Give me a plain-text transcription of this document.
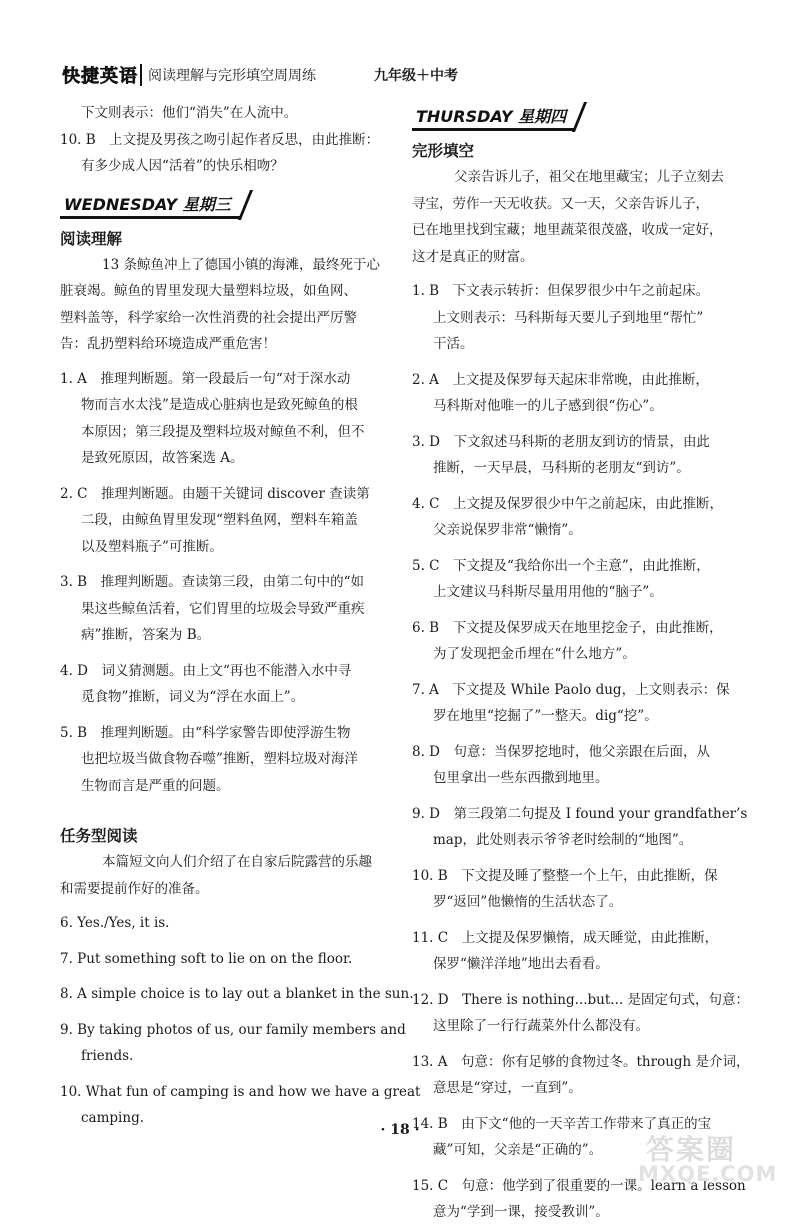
快捷英语 阅读理解与完形填空周周练	九年级＋中考
下文则表示：他们“消失”在人流中。
10. B　上文提及男孩之吻引起作者反思，由此推断：
有多少成人因“活着”的快乐相吻？
WEDNESDAY 星期三
阅读理解
13 条鲸鱼冲上了德国小镇的海滩，最终死于心
脏衰竭。鲸鱼的胃里发现大量塑料垃圾，如鱼网、
塑料盖等，科学家给一次性消费的社会提出严厉警
告：乱扔塑料给环境造成严重危害！
1. A　推理判断题。第一段最后一句“对于深水动
物而言水太浅”是造成心脏病也是致死鲸鱼的根
本原因；第三段提及塑料垃圾对鲸鱼不利，但不
是致死原因，故答案选 A。
2. C　推理判断题。由题干关键词 discover 查读第
二段，由鲸鱼胃里发现“塑料鱼网，塑料车箱盖
以及塑料瓶子”可推断。
3. B　推理判断题。查读第三段，由第二句中的“如
果这些鲸鱼活着，它们胃里的垃圾会导致严重疾
病”推断，答案为 B。
4. D　词义猜测题。由上文“再也不能潜入水中寻
觅食物”推断，词义为“浮在水面上”。
5. B　推理判断题。由“科学家警告即使浮游生物
也把垃圾当做食物吞噬”推断，塑料垃圾对海洋
生物而言是严重的问题。
任务型阅读
本篇短文向人们介绍了在自家后院露营的乐趣
和需要提前作好的准备。
6. Yes./Yes, it is.
7. Put something soft to lie on on the floor.
8. A simple choice is to lay out a blanket in the sun.
9. By taking photos of us, our family members and
friends.
10. What fun of camping is and how we have a great
camping.
THURSDAY 星期四
完形填空
父亲告诉儿子，祖父在地里藏宝；儿子立刻去
寻宝，劳作一天无收获。又一天，父亲告诉儿子，
已在地里找到宝藏；地里蔬菜很茂盛，收成一定好，
这才是真正的财富。
1. B　下文表示转折：但保罗很少中午之前起床。
上文则表示：马科斯每天要儿子到地里“帮忙”
干活。
2. A　上文提及保罗每天起床非常晚，由此推断，
马科斯对他唯一的儿子感到很“伤心”。
3. D　下文叙述马科斯的老朋友到访的情景，由此
推断，一天早晨，马科斯的老朋友“到访”。
4. C　上文提及保罗很少中午之前起床，由此推断，
父亲说保罗非常“懒惰”。
5. C　下文提及“我给你出一个主意”，由此推断，
上文建议马科斯尽量用用他的“脑子”。
6. B　下文提及保罗成天在地里挖金子，由此推断，
为了发现把金币埋在“什么地方”。
7. A　下文提及 While Paolo dug，上文则表示：保
罗在地里“挖掘了”一整天。dig“挖”。
8. D　句意：当保罗挖地时，他父亲跟在后面，从
包里拿出一些东西撒到地里。
9. D　第三段第二句提及 I found your grandfather’s
map，此处则表示爷爷老时绘制的“地图”。
10. B　下文提及睡了整整一个上午，由此推断，保
罗“返回”他懒惰的生活状态了。
11. C　上文提及保罗懒惰，成天睡觉，由此推断，
保罗“懒洋洋地”地出去看看。
12. D　There is nothing...but... 是固定句式，句意：
这里除了一行行蔬菜外什么都没有。
13. A　句意：你有足够的食物过冬。through 是介词，
意思是“穿过，一直到”。
14. B　由下文“他的一天辛苦工作带来了真正的宝
藏”可知，父亲是“正确的”。
15. C　句意：他学到了很重要的一课。learn a lesson
意为“学到一课，接受教训”。
· 18 ·
答案圈
MXQE.COM
